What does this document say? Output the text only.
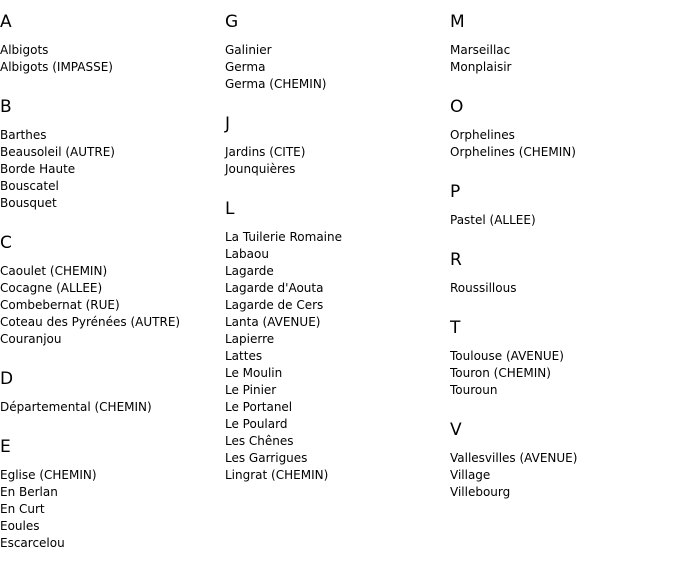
A
Albigots
Albigots (IMPASSE)
B
Barthes
Beausoleil (AUTRE)
Borde Haute
Bouscatel
Bousquet
C
Caoulet (CHEMIN)
Cocagne (ALLEE)
Combebernat (RUE)
Coteau des Pyrénées (AUTRE)
Couranjou
D
Départemental (CHEMIN)
E
Eglise (CHEMIN)
En Berlan
En Curt
Eoules
Escarcelou
G
Galinier
Germa
Germa (CHEMIN)
J
Jardins (CITE)
Jounquières
L
La Tuilerie Romaine
Labaou
Lagarde
Lagarde d'Aouta
Lagarde de Cers
Lanta (AVENUE)
Lapierre
Lattes
Le Moulin
Le Pinier
Le Portanel
Le Poulard
Les Chênes
Les Garrigues
Lingrat (CHEMIN)
M
Marseillac
Monplaisir
O
Orphelines
Orphelines (CHEMIN)
P
Pastel (ALLEE)
R
Roussillous
T
Toulouse (AVENUE)
Touron (CHEMIN)
Touroun
V
Vallesvilles (AVENUE)
Village
Villebourg
